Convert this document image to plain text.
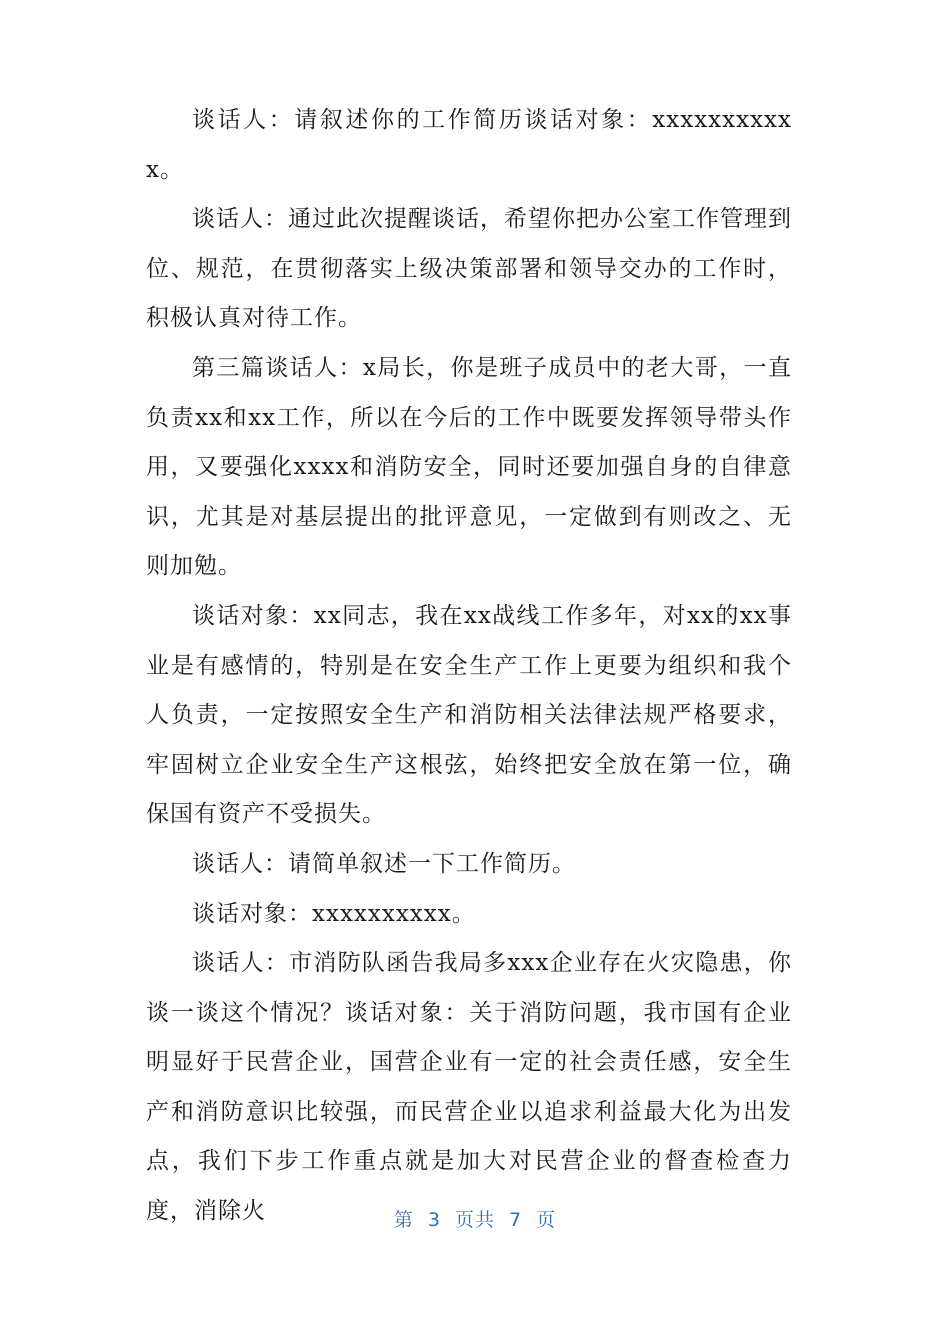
谈话人：请叙述你的工作简历谈话对象：xxxxxxxxxxx。

谈话人：通过此次提醒谈话，希望你把办公室工作管理到位、规范，在贯彻落实上级决策部署和领导交办的工作时，积极认真对待工作。

第三篇谈话人：x局长，你是班子成员中的老大哥，一直负责xx和xx工作，所以在今后的工作中既要发挥领导带头作用，又要强化xxxx和消防安全，同时还要加强自身的自律意识，尤其是对基层提出的批评意见，一定做到有则改之、无则加勉。

谈话对象：xx同志，我在xx战线工作多年，对xx的xx事业是有感情的，特别是在安全生产工作上更要为组织和我个人负责，一定按照安全生产和消防相关法律法规严格要求，牢固树立企业安全生产这根弦，始终把安全放在第一位，确保国有资产不受损失。

谈话人：请简单叙述一下工作简历。

谈话对象：xxxxxxxxxx。

谈话人：市消防队函告我局多xxx企业存在火灾隐患，你谈一谈这个情况？谈话对象：关于消防问题，我市国有企业明显好于民营企业，国营企业有一定的社会责任感，安全生产和消防意识比较强，而民营企业以追求利益最大化为出发点，我们下步工作重点就是加大对民营企业的督查检查力度，消除火	第 3 页共 7 页
